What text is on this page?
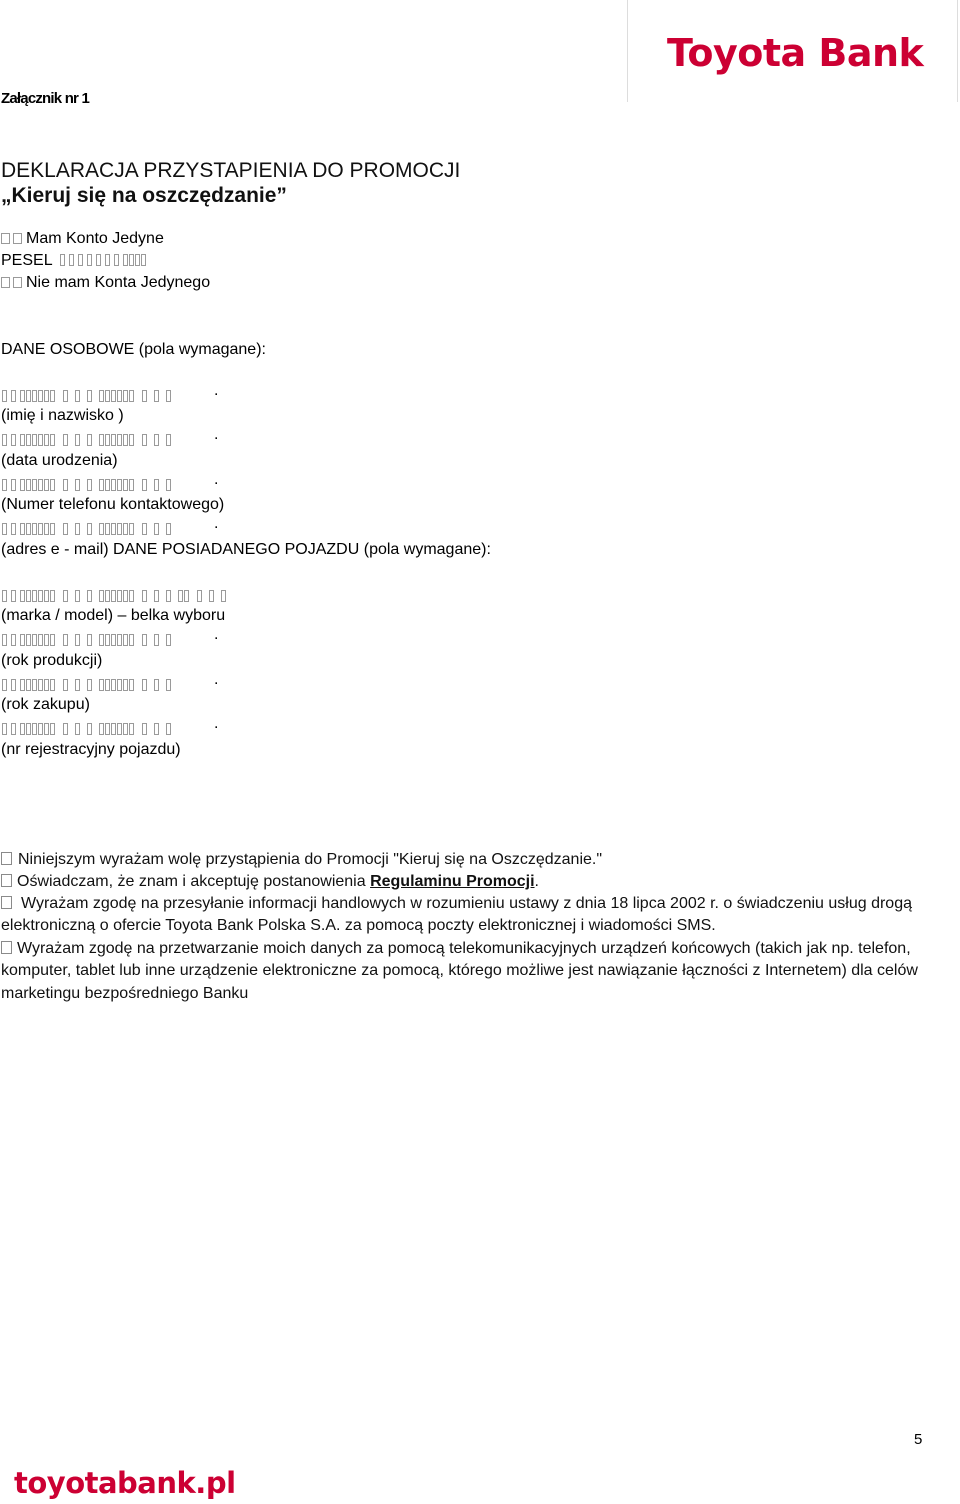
Toyota Bank
Załącznik nr 1
DEKLARACJA PRZYSTAPIENIA DO PROMOCJI
„Kieruj się na oszczędzanie”
Mam Konto Jedyne
PESEL
Nie mam Konta Jedynego
DANE OSOBOWE (pola wymagane):
.
(imię i nazwisko )
.
(data urodzenia)
.
(Numer telefonu kontaktowego)
.
(adres e - mail) DANE POSIADANEGO POJAZDU (pola wymagane):
(marka / model) – belka wyboru
.
(rok produkcji)
.
(rok zakupu)
.
(nr rejestracyjny pojazdu)
Niniejszym wyrażam wolę przystąpienia do Promocji "Kieruj się na Oszczędzanie."
Oświadczam, że znam i akceptuję postanowienia Regulaminu Promocji.
Wyrażam zgodę na przesyłanie informacji handlowych w rozumieniu ustawy z dnia 18 lipca 2002 r. o świadczeniu usług drogą elektroniczną o ofercie Toyota Bank Polska S.A. za pomocą poczty elektronicznej i wiadomości SMS.
Wyrażam zgodę na przetwarzanie moich danych za pomocą telekomunikacyjnych urządzeń końcowych (takich jak np. telefon, komputer, tablet lub inne urządzenie elektroniczne za pomocą, którego możliwe jest nawiązanie łączności z Internetem) dla celów marketingu bezpośredniego Banku
5
toyotabank.pl
